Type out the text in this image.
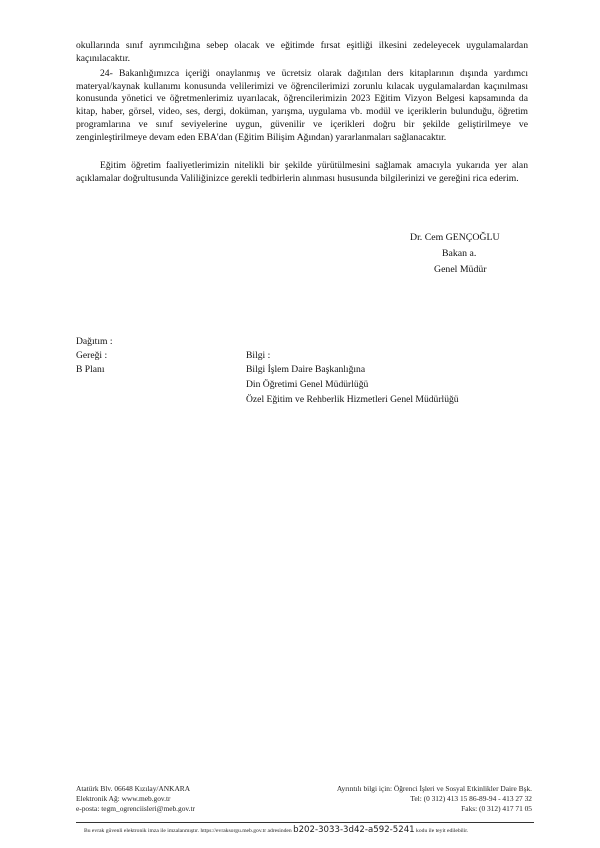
okullarında sınıf ayrımcılığına sebep olacak ve eğitimde fırsat eşitliği ilkesini zedeleyecek uygulamalardan kaçınılacaktır.

24- Bakanlığımızca içeriği onaylanmış ve ücretsiz olarak dağıtılan ders kitaplarının dışında yardımcı materyal/kaynak kullanımı konusunda velilerimizi ve öğrencilerimizi zorunlu kılacak uygulamalardan kaçınılması konusunda yönetici ve öğretmenlerimiz uyarılacak, öğrencilerimizin 2023 Eğitim Vizyon Belgesi kapsamında da kitap, haber, görsel, video, ses, dergi, doküman, yarışma, uygulama vb. modül ve içeriklerin bulunduğu, öğretim programlarına ve sınıf seviyelerine uygun, güvenilir ve içerikleri doğru bir şekilde geliştirilmeye ve zenginleştirilmeye devam eden EBA'dan (Eğitim Bilişim Ağından) yararlanmaları sağlanacaktır.

Eğitim öğretim faaliyetlerimizin nitelikli bir şekilde yürütülmesini sağlamak amacıyla yukarıda yer alan açıklamalar doğrultusunda Valiliğinizce gerekli tedbirlerin alınması hususunda bilgilerinizi ve gereğini rica ederim.

Dr. Cem GENÇOĞLU
Bakan a.
Genel Müdür
Dağıtım :
Gereği :
B Planı
Bilgi :
Bilgi İşlem Daire Başkanlığına
Din Öğretimi Genel Müdürlüğü
Özel Eğitim ve Rehberlik Hizmetleri Genel Müdürlüğü
Atatürk Blv. 06648 Kızılay/ANKARA	Ayrıntılı bilgi için: Öğrenci İşleri ve Sosyal Etkinlikler Daire Bşk.
Elektronik Ağ: www.meb.gov.tr	Tel: (0 312) 413 15 86-89-94 - 413 27 32
e-posta: tegm_ogrenciisleri@meb.gov.tr	Faks: (0 312) 417 71 05
Bu evrak güvenli elektronik imza ile imzalanmıştır. https://evraksorgu.meb.gov.tr adresinden b202-3033-3d42-a592-5241 kodu ile teyit edilebilir.
